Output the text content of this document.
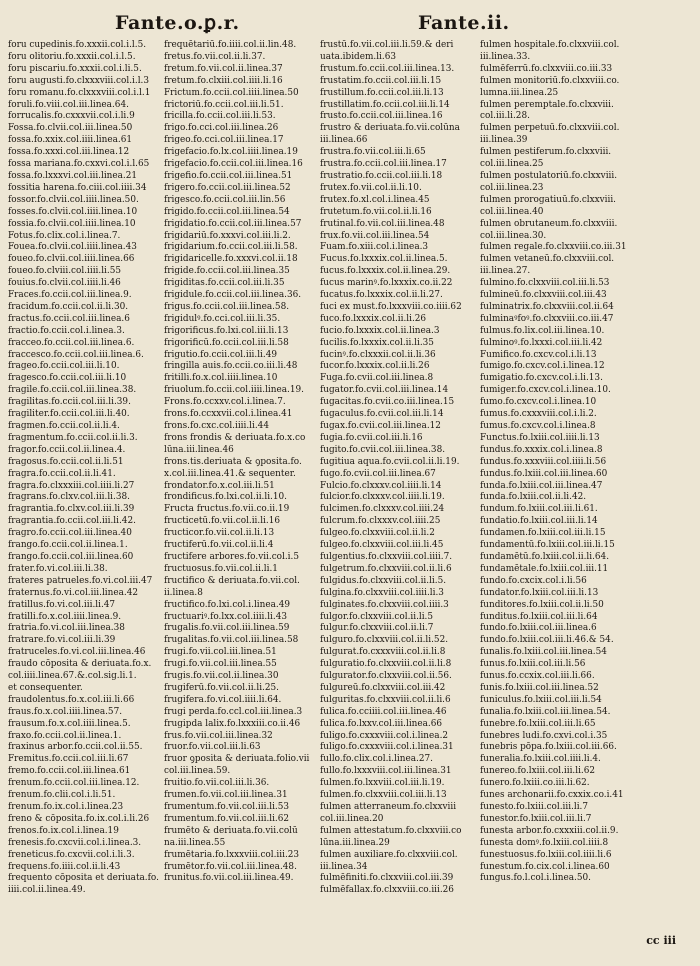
Fante.o.ꝑ.r.	Fante.ii.
foru cupedinis.fo.xxxii.col.i.l.5.
foru olitoriu.fo.xxxii.col.i.l.5.
foru piscariu.fo.xxxii.col.i.li.5.
foru augusti.fo.clxxxviii.col.i.l.3
foru romanu.fo.clxxxviii.col.i.l.1
foruli.fo.viii.col.iii.linea.64.
forrucalis.fo.cxxxvii.col.i.li.9
Fossa.fo.clvii.col.iii.linea.50
fossa.fo.xxix.col.iiii.linea.61
fossa.fo.xxxi.col.iii.linea.12
fossa mariana.fo.cxxvi.col.i.l.65
fossa.fo.lxxxvi.col.iii.linea.21
fossitia harena.fo.ciii.col.iiii.34
fossor.fo.clvii.col.iiii.linea.50.
fosses.fo.clvii.col.iiii.linea.10
fossia.fo.clvii.col.iiii.linea.10
Fotus.fo.clix.col.i.linea.7.
Fouea.fo.clvii.col.iiii.linea.43
foueo.fo.clvii.col.iiii.linea.66
foueo.fo.clviii.col.iiii.li.55
fouius.fo.clvii.col.iiii.li.46
Fraces.fo.ccii.col.iii.linea.9.
fracidum.fo.ccii.col.ii.li.30.
fractus.fo.ccii.col.iii.linea.6
fractio.fo.ccii.col.i.linea.3.
fracceo.fo.ccii.col.iii.linea.6.
fraccesco.fo.ccii.col.iii.linea.6.
frageo.fo.ccii.col.iii.li.10.
fragesco.fo.ccii.col.iii.li.10
fragile.fo.ccii.col.iii.linea.38.
fragilitas.fo.ccii.col.iii.li.39.
fragiliter.fo.ccii.col.iii.li.40.
fragmen.fo.ccii.col.ii.li.4.
fragmentum.fo.ccii.col.ii.li.3.
fragor.fo.ccii.col.ii.linea.4.
fragosus.fo.ccii.col.ii.li.51
fragra.fo.ccii.col.ii.li.41.
fragra.fo.clxxxiii.col.iiii.li.27
fragrans.fo.clxv.col.iii.li.38.
fragrantia.fo.clxv.col.iii.li.39
fragrantia.fo.ccii.col.iii.li.42.
fragro.fo.ccii.col.iii.linea.40
frango.fo.ccii.col.ii.linea.1.
frango.fo.ccii.col.iii.linea.60
frater.fo.vi.col.iii.li.38.
frateres patrueles.fo.vi.col.iii.47
fraternus.fo.vi.col.iii.linea.42
fratillus.fo.vi.col.iii.li.47
fratilli.fo.x.col.iiii.linea.9.
fratria.fo.vi.col.iii.linea.38
fratrare.fo.vi.col.iii.li.39
fratruceles.fo.vi.col.iii.linea.46
fraudo cōposita & deriuata.fo.x.
col.iiii.linea.67.&.col.sig.li.1.
et consequenter.
fraudolentus.fo.x.col.iii.li.66
fraus.fo.x.col.iiii.linea.57.
frausum.fo.x.col.iiii.linea.5.
fraxo.fo.ccii.col.ii.linea.1.
fraxinus arbor.fo.ccii.col.ii.55.
Fremitus.fo.ccii.col.iii.li.67
fremo.fo.ccii.col.iii.linea.61
frenum.fo.ccii.col.iii.linea.12.
frenum.fo.clii.col.i.li.51.
frenum.fo.ix.col.i.linea.23
freno & cōposita.fo.ix.col.i.li.26
frenos.fo.ix.col.i.linea.19
frenesis.fo.cxcvii.col.i.linea.3.
freneticus.fo.cxcvii.col.i.li.3.
frequens.fo.iiii.col.ii.li.43
frequento cōposita et deriuata.fo.
iiii.col.ii.linea.49.
frequētariū.fo.iiii.col.ii.lin.48.
fretus.fo.vii.col.ii.li.37.
fretum.fo.vii.col.ii.linea.37
fretum.fo.clxiii.col.iiii.li.16
Frictum.fo.ccii.col.iiii.linea.50
frictoriū.fo.ccii.col.iii.li.51.
fricilla.fo.ccii.col.iii.li.53.
frigo.fo.cci.col.iii.linea.26
frigeo.fo.cci.col.iii.linea.17
frigefacio.fo.lx.col.iiii.linea.19
frigefacio.fo.ccii.col.iii.linea.16
frigefio.fo.ccii.col.iii.linea.51
frigero.fo.ccii.col.iii.linea.52
frigesco.fo.ccii.col.iii.lin.56
frigido.fo.ccii.col.iii.linea.54
frigidatio.fo.ccii.col.iii.linea.57
frigidariū.fo.xxxvi.col.iii.li.2.
frigidarium.fo.ccii.col.iii.li.58.
frigidaricelle.fo.xxxvi.col.ii.18
frigide.fo.ccii.col.iii.linea.35
frigiditas.fo.ccii.col.iii.li.35
frigidule.fo.ccii.col.iii.linea.36.
frigus.fo.ccii.col.iii.linea.58.
frigidulꝰ.fo.cci.col.iii.li.35.
frigorificus.fo.lxi.col.iii.li.13
frigorificū.fo.ccii.col.iii.li.58
frigutio.fo.ccii.col.iii.li.49
fringilla auis.fo.ccii.co.iii.li.48
fritilli.fo.x.col.iiii.linea.10
friuolum.fo.ccii.col.iiii.linea.19.
Frons.fo.ccxxv.col.i.linea.7.
frons.fo.ccxxvii.col.i.linea.41
frons.fo.cxc.col.iiii.li.44
frons frondis & deriuata.fo.x.co
lūna.iii.linea.46
frons.tis.deriuata & ꝯposita.fo.
x.col.iii.linea.41.& sequenter.
frondator.fo.x.col.iii.li.51
frondificus.fo.lxi.col.ii.li.10.
Fructa fructus.fo.vii.co.ii.19
fructicetū.fo.vii.col.ii.li.16
fructicor.fo.vii.col.ii.li.13
fructiferū.fo.vii.col.ii.li.4
fructifere arbores.fo.vii.col.i.5
fructuosus.fo.vii.col.ii.li.1
fructifico & deriuata.fo.vii.col.
ii.linea.8
fructifico.fo.lxi.col.i.linea.49
fructuariꝰ.fo.lxx.col.iiii.li.43
frugalis.fo.vii.col.iii.linea.59
frugalitas.fo.vii.col.iii.linea.58
frugi.fo.vii.col.iii.linea.51
frugi.fo.vii.col.iii.linea.55
frugis.fo.vii.col.ii.linea.30
frugiferū.fo.vii.col.ii.li.25.
frugifera.fo.vi.col.iiii.li.64.
frugi perda.fo.ccl.col.iii.linea.3
frugipda lalix.fo.lxxxiii.co.ii.46
frus.fo.vii.col.iii.linea.32
fruor.fo.vii.col.iii.li.63
fruor ꝯposita & deriuata.folio.vii
col.iii.linea.59.
fruitio.fo.vii.col.iii.li.36.
frumen.fo.vii.col.iii.linea.31
frumentum.fo.vii.col.iii.li.53
frumentum.fo.vii.col.iii.li.62
frumēto & deriuata.fo.vii.colū
na.iii.linea.55
frumētaria.fo.lxxxviii.col.iii.23
frumētor.fo.vii.col.iii.linea.48.
frunitus.fo.vii.col.iii.linea.49.
frustū.fo.vii.col.iii.li.59.& deri
uata.ibidem.li.63
frustum.fo.ccii.col.iii.linea.13.
frustatim.fo.ccii.col.iii.li.15
frustillum.fo.ccii.col.iii.li.13
frustillatim.fo.ccii.col.iii.li.14
frusto.fo.ccii.col.iii.linea.16
frustro & deriuata.fo.vii.colūna
iii.linea.66
frustra.fo.vii.col.iii.li.65
frustra.fo.ccii.col.iii.linea.17
frustratio.fo.ccii.col.iii.li.18
frutex.fo.vii.col.ii.li.10.
frutex.fo.xl.col.i.linea.45
frutetum.fo.vii.col.ii.li.16
frutinal.fo.vii.col.iii.linea.48
frux.fo.vii.col.iii.linea.54
Fuam.fo.xiii.col.i.linea.3
Fucus.fo.lxxxix.col.ii.linea.5.
fucus.fo.lxxxix.col.ii.linea.29.
fucus marinꝰ.fo.lxxxix.co.ii.22
fucatus.fo.lxxxix.col.ii.li.27.
fuci ex must.fo.lxxxviii.co.iiii.62
fuco.fo.lxxxix.col.ii.li.26
fucio.fo.lxxxix.col.ii.linea.3
fucilis.fo.lxxxix.col.ii.li.35
fucinꝰ.fo.clxxxii.col.ii.li.36
fucor.fo.lxxxix.col.ii.li.26
Fuga.fo.cvii.col.iii.linea.8
fugator.fo.cvii.col.iii.linea.14
fugacitas.fo.cvii.co.iii.linea.15
fugaculus.fo.cvii.col.iii.li.14
fugax.fo.cvii.col.iii.linea.12
fugia.fo.cvii.col.iii.li.16
fugito.fo.cvii.col.iii.linea.38.
fugitiua aqua.fo.cvii.col.ii.li.19.
fugo.fo.cvii.col.iii.linea.67
Fulcio.fo.clxxxv.col.iiii.li.14
fulcior.fo.clxxxv.col.iiii.li.19.
fulcimen.fo.clxxxv.col.iiii.24
fulcrum.fo.clxxxv.col.iiii.25
fulgeo.fo.clxxviii.col.ii.li.2
fulgeo.fo.clxxviii.col.iii.li.45
fulgentius.fo.clxxviii.col.iiii.7.
fulgetrum.fo.clxxviii.col.ii.li.6
fulgidus.fo.clxxviii.col.ii.li.5.
fulgina.fo.clxxviii.col.iiii.li.3
fulginates.fo.clxxviii.col.iiii.3
fulgor.fo.clxxviii.col.ii.li.5
fulgur.fo.clxxviii.col.ii.li.7
fulguro.fo.clxxviii.col.ii.li.52.
fulgurat.fo.cxxxviii.col.ii.li.8
fulguratio.fo.clxxviii.col.ii.li.8
fulgurator.fo.clxxviii.col.ii.56.
fulgureū.fo.clxxviii.col.iii.42
fulguritas.fo.clxxviii.col.ii.li.6
fulica.fo.cciiii.col.iii.linea.46
fulica.fo.lxxv.col.iii.linea.66
fuligo.fo.cxxxviii.col.i.linea.2
fuligo.fo.cxxxviii.col.i.linea.31
fullo.fo.clix.col.i.linea.27.
fullo.fo.lxxxviii.col.iii.linea.31
fulmen.fo.lxxviii.col.iii.li.19.
fulmen.fo.clxxviii.col.iii.li.13
fulmen atterraneum.fo.clxxviii
col.iii.linea.20
fulmen attestatum.fo.clxxviii.co
lūna.iii.linea.29
fulmen auxiliare.fo.clxxviii.col.
iii.linea.34
fulmēfiniti.fo.clxxviii.col.iii.39
fulmēfallax.fo.clxxviii.co.iii.26
fulmen hospitale.fo.clxxviii.col.
iii.linea.33.
fulmēferrū.fo.clxxviii.co.iii.33
fulmen monitoriū.fo.clxxviii.co.
lumna.iii.linea.25
fulmen peremptale.fo.clxxviii.
col.iii.li.28.
fulmen perpetuū.fo.clxxviii.col.
iii.linea.39
fulmen pestiferum.fo.clxxviii.
col.iii.linea.25
fulmen postulatoriū.fo.clxxviii.
col.iii.linea.23
fulmen prorogatiuū.fo.clxxviii.
col.iii.linea.40
fulmen obrutaneum.fo.clxxviii.
col.iii.linea.30.
fulmen regale.fo.clxxviii.co.iii.31
fulmen vetaneū.fo.clxxviii.col.
iii.linea.27.
fulmino.fo.clxxviii.col.iii.li.53
fulmineū.fo.clxxviii.col.iii.43
fulminatrix.fo.clxxviii.col.ii.64
fulminaꝰfoꝰ.fo.clxxviii.co.iii.47
fulmus.fo.lix.col.iii.linea.10.
fulminoꝰ.fo.lxxxi.col.iii.li.42
Fumifico.fo.cxcv.col.i.li.13
fumigo.fo.cxcv.col.i.linea.12
fumigatio.fo.cxcv.col.i.li.13.
fumiger.fo.cxcv.col.i.linea.10.
fumo.fo.cxcv.col.i.linea.10
fumus.fo.cxxxviii.col.i.li.2.
fumus.fo.cxcv.col.i.linea.8
Functus.fo.lxiii.col.iiii.li.13
fundus.fo.xxxix.col.i.linea.8
fundus.fo.xxxviii.col.iiii.li.56
fundus.fo.lxiii.col.iii.linea.60
funda.fo.lxiii.col.iii.linea.47
funda.fo.lxiii.col.ii.li.42.
fundum.fo.lxiii.col.iii.li.61.
fundatio.fo.lxiii.col.iii.li.14
fundamen.fo.lxiii.col.iii.li.15
fundamentū.fo.lxiii.col.iii.li.15
fundamētū.fo.lxiii.col.ii.li.64.
fundamētale.fo.lxiii.col.iii.11
fundo.fo.cxcix.col.i.li.56
fundator.fo.lxiii.col.iii.li.13
funditores.fo.lxiii.col.ii.li.50
funditus.fo.lxiii.col.iii.li.64
fundo.fo.lxiii.col.iii.linea.6
fundo.fo.lxiii.col.iii.li.46.& 54.
funalis.fo.lxiii.col.iii.linea.54
funus.fo.lxiii.col.iii.li.56
funus.fo.ccxix.col.iii.li.66.
funis.fo.lxiii.col.iii.linea.52
funiculus.fo.lxiii.col.iii.li.54
funalia.fo.lxiii.col.iii.linea.54.
funebre.fo.lxiii.col.iii.li.65
funebres ludi.fo.cxvi.col.i.35
funebris pōpa.fo.lxiii.col.iii.66.
funeralia.fo.lxiii.col.iiii.li.4.
funereo.fo.lxiii.col.iii.li.62
funero.fo.lxiii.co.iii.li.62.
funes archonarii.fo.cxxix.co.i.41
funesto.fo.lxiii.col.iii.li.7
funestor.fo.lxiii.col.iii.li.7
funesta arbor.fo.cxxxiii.col.ii.9.
funesta domꝰ.fo.lxiii.col.iiii.8
funestuosus.fo.lxiii.col.iiii.li.6
funestum.fo.cix.col.i.linea.60
fungus.fo.l.col.i.linea.50.
cc iii
